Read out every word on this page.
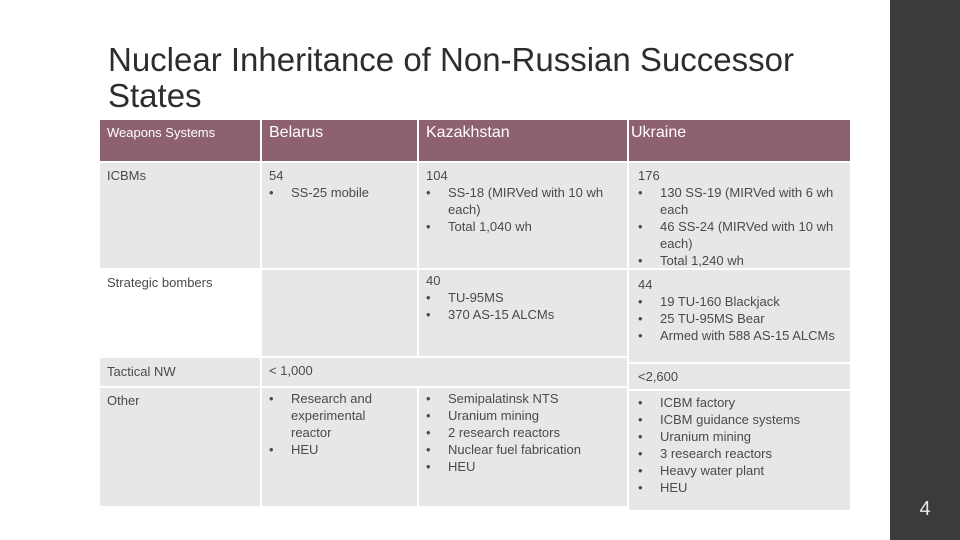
Nuclear Inheritance of Non-Russian Successor States
4
Weapons Systems	Belarus	Kazakhstan	Ukraine
ICBMs	54
• SS-25 mobile
104
• SS-18 (MIRVed with 10 wh each)
• Total 1,040 wh
176
• 130 SS-19 (MIRVed with 6 wh each
• 46 SS-24 (MIRVed with 10 wh each)
• Total 1,240 wh
Strategic bombers	40
• TU-95MS
• 370 AS-15 ALCMs
44
• 19 TU-160 Blackjack
• 25 TU-95MS Bear
• Armed with 588 AS-15 ALCMs
Tactical NW	< 1,000	<2,600
Other
•	Research and experimental reactor
• HEU
• Semipalatinsk NTS
• Uranium mining
• 2 research reactors
• Nuclear fuel fabrication
• HEU
• ICBM factory
• ICBM guidance systems
• Uranium mining
• 3 research reactors
• Heavy water plant
• HEU
